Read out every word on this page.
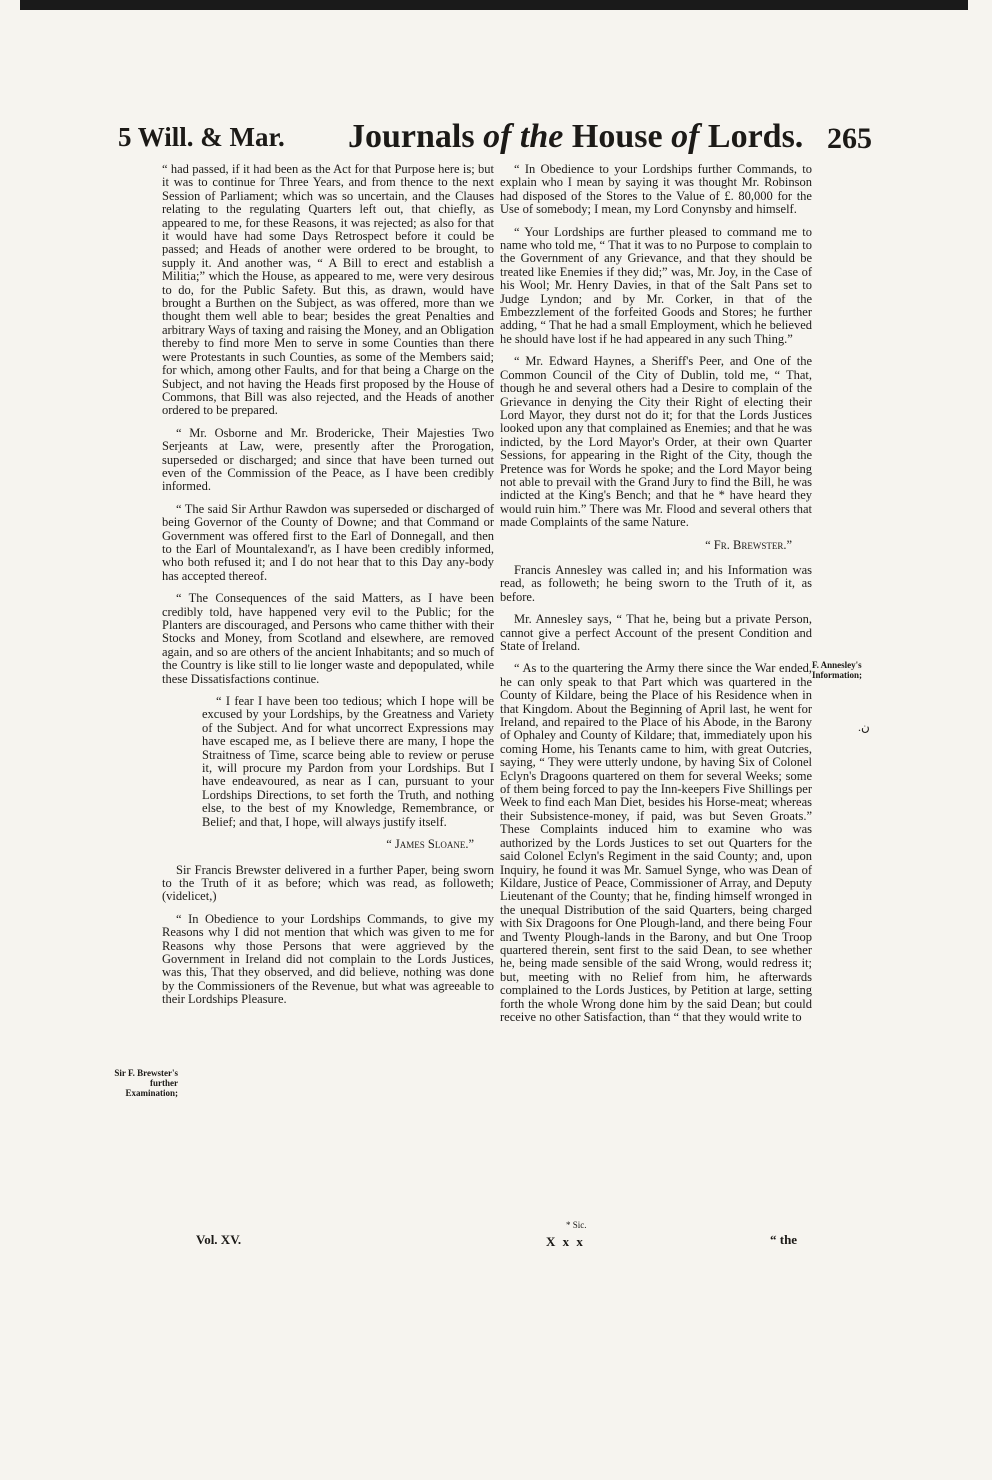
5 Will. & Mar. Journals of the House of Lords. 265

“ had passed, if it had been as the Act for that Purpose here is; but it was to continue for Three Years, and from thence to the next Session of Parliament; which was so uncertain, and the Clauses relating to the regulating Quarters left out, that chiefly, as appeared to me, for these Reasons, it was rejected; as also for that it would have had some Days Retrospect before it could be passed; and Heads of another were ordered to be brought, to supply it. And another was, “ A Bill to erect and establish a Militia;” which the House, as appeared to me, were very desirous to do, for the Public Safety. But this, as drawn, would have brought a Burthen on the Subject, as was offered, more than we thought them well able to bear; besides the great Penalties and arbitrary Ways of taxing and raising the Money, and an Obligation thereby to find more Men to serve in some Counties than there were Protestants in such Counties, as some of the Members said; for which, among other Faults, and for that being a Charge on the Subject, and not having the Heads first proposed by the House of Commons, that Bill was also rejected, and the Heads of another ordered to be prepared.

“ Mr. Osborne and Mr. Brodericke, Their Majesties Two Serjeants at Law, were, presently after the Prorogation, superseded or discharged; and since that have been turned out even of the Commission of the Peace, as I have been credibly informed.

“ The said Sir Arthur Rawdon was superseded or discharged of being Governor of the County of Downe; and that Command or Government was offered first to the Earl of Donnegall, and then to the Earl of Mountalexand'r, as I have been credibly informed, who both refused it; and I do not hear that to this Day any-body has accepted thereof.

“ The Consequences of the said Matters, as I have been credibly told, have happened very evil to the Public; for the Planters are discouraged, and Persons who came thither with their Stocks and Money, from Scotland and elsewhere, are removed again, and so are others of the ancient Inhabitants; and so much of the Country is like still to lie longer waste and depopulated, while these Dissatisfactions continue.

“ I fear I have been too tedious; which I hope will be excused by your Lordships, by the Greatness and Variety of the Subject. And for what uncorrect Expressions may have escaped me, as I believe there are many, I hope the Straitness of Time, scarce being able to review or peruse it, will procure my Pardon from your Lordships. But I have endeavoured, as near as I can, pursuant to your Lordships Directions, to set forth the Truth, and nothing else, to the best of my Knowledge, Remembrance, or Belief; and that, I hope, will always justify itself.

“ James Sloane.”

Sir Francis Brewster delivered in a further Paper, being sworn to the Truth of it as before; which was read, as followeth; (videlicet,)

“ In Obedience to your Lordships Commands, to give my Reasons why I did not mention that which was given to me for Reasons why those Persons that were aggrieved by the Government in Ireland did not complain to the Lords Justices, was this, That they observed, and did believe, nothing was done by the Commissioners of the Revenue, but what was agreeable to their Lordships Pleasure.

“ In Obedience to your Lordships further Commands, to explain who I mean by saying it was thought Mr. Robinson had disposed of the Stores to the Value of £. 80,000 for the Use of somebody; I mean, my Lord Conynsby and himself.

“ Your Lordships are further pleased to command me to name who told me, “ That it was to no Purpose to complain to the Government of any Grievance, and that they should be treated like Enemies if they did;” was, Mr. Joy, in the Case of his Wool; Mr. Henry Davies, in that of the Salt Pans set to Judge Lyndon; and by Mr. Corker, in that of the Embezzlement of the forfeited Goods and Stores; he further adding, “ That he had a small Employment, which he believed he should have lost if he had appeared in any such Thing.”

“ Mr. Edward Haynes, a Sheriff's Peer, and One of the Common Council of the City of Dublin, told me, “ That, though he and several others had a Desire to complain of the Grievance in denying the City their Right of electing their Lord Mayor, they durst not do it; for that the Lords Justices looked upon any that complained as Enemies; and that he was indicted, by the Lord Mayor's Order, at their own Quarter Sessions, for appearing in the Right of the City, though the Pretence was for Words he spoke; and the Lord Mayor being not able to prevail with the Grand Jury to find the Bill, he was indicted at the King's Bench; and that he * have heard they would ruin him.” There was Mr. Flood and several others that made Complaints of the same Nature.

“ Fr. Brewster.”

Francis Annesley was called in; and his Information was read, as followeth; he being sworn to the Truth of it, as before.

Mr. Annesley says, “ That he, being but a private Person, cannot give a perfect Account of the present Condition and State of Ireland.

“ As to the quartering the Army there since the War ended, he can only speak to that Part which was quartered in the County of Kildare, being the Place of his Residence when in that Kingdom. About the Beginning of April last, he went for Ireland, and repaired to the Place of his Abode, in the Barony of Ophaley and County of Kildare; that, immediately upon his coming Home, his Tenants came to him, with great Outcries, saying, “ They were utterly undone, by having Six of Colonel Eclyn's Dragoons quartered on them for several Weeks; some of them being forced to pay the Inn-keepers Five Shillings per Week to find each Man Diet, besides his Horse-meat; whereas their Subsistence-money, if paid, was but Seven Groats.” These Complaints induced him to examine who was authorized by the Lords Justices to set out Quarters for the said Colonel Eclyn's Regiment in the said County; and, upon Inquiry, he found it was Mr. Samuel Synge, who was Dean of Kildare, Justice of Peace, Commissioner of Array, and Deputy Lieutenant of the County; that he, finding himself wronged in the unequal Distribution of the said Quarters, being charged with Six Dragoons for One Plough-land, and there being Four and Twenty Plough-lands in the Barony, and but One Troop quartered therein, sent first to the said Dean, to see whether he, being made sensible of the said Wrong, would redress it; but, meeting with no Relief from him, he afterwards complained to the Lords Justices, by Petition at large, setting forth the whole Wrong done him by the said Dean; but could receive no other Satisfaction, than “ that they would write to

Sir F. Brewster's further Examination;
F. Annesley's Information;
.ن
Vol. XV.
* Sic.
X x x	“ the
